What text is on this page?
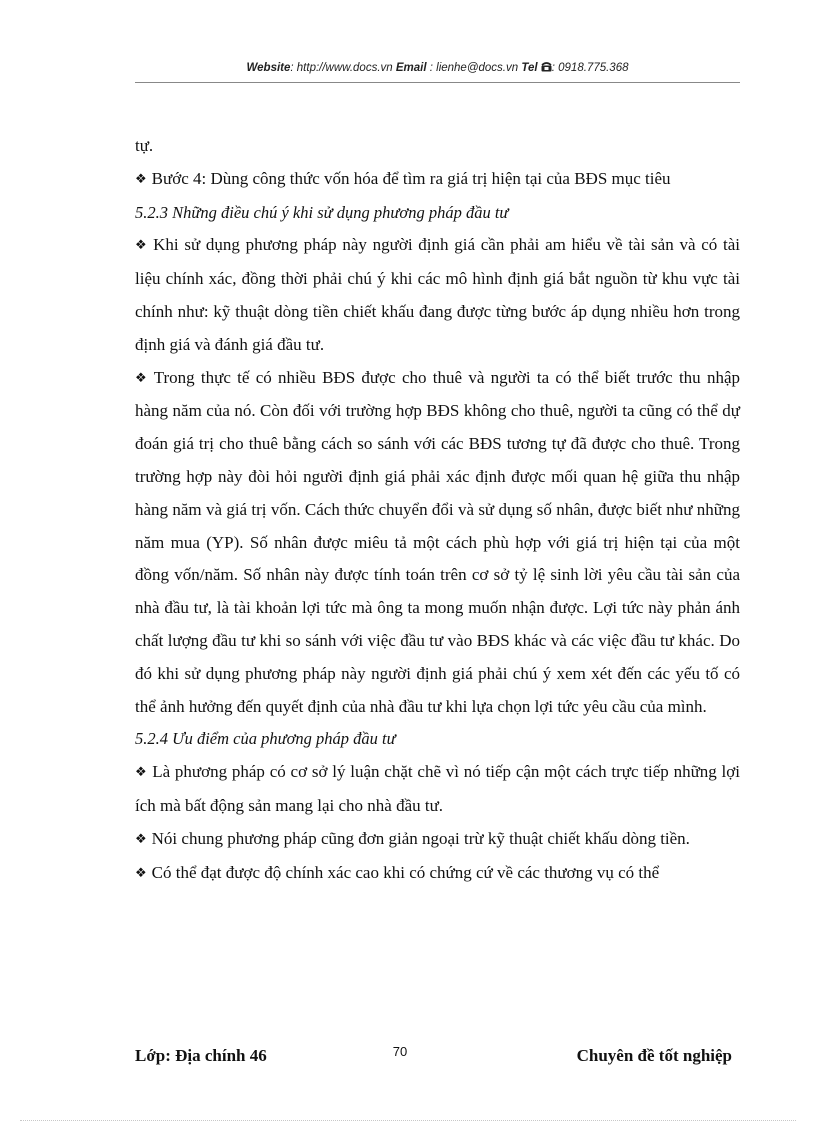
Website: http://www.docs.vn Email : lienhe@docs.vn Tel : 0918.775.368

tự.

❖ Bước 4: Dùng công thức vốn hóa để tìm ra giá trị hiện tại của BĐS mục tiêu

5.2.3 Những điều chú ý khi sử dụng phương pháp đầu tư

❖ Khi sử dụng phương pháp này người định giá cần phải am hiểu về tài sản và có tài liệu chính xác, đồng thời phải chú ý khi các mô hình định giá bắt nguồn từ khu vực tài chính như: kỹ thuật dòng tiền chiết khấu đang được từng bước áp dụng nhiều hơn trong định giá và đánh giá đầu tư.

❖ Trong thực tế có nhiều BĐS được cho thuê và người ta có thể biết trước thu nhập hàng năm của nó. Còn đối với trường hợp BĐS không cho thuê, người ta cũng có thể dự đoán giá trị cho thuê bằng cách so sánh với các BĐS tương tự đã được cho thuê. Trong trường hợp này đòi hỏi người định giá phải xác định được mối quan hệ giữa thu nhập hàng năm và giá trị vốn. Cách thức chuyển đổi và sử dụng số nhân, được biết như những năm mua (YP). Số nhân được miêu tả một cách phù hợp với giá trị hiện tại của một đồng vốn/năm. Số nhân này được tính toán trên cơ sở tỷ lệ sinh lời yêu cầu tài sản của nhà đầu tư, là tài khoản lợi tức mà ông ta mong muốn nhận được. Lợi tức này phản ánh chất lượng đầu tư khi so sánh với việc đầu tư vào BĐS khác và các việc đầu tư khác. Do đó khi sử dụng phương pháp này người định giá phải chú ý xem xét đến các yếu tố có thể ảnh hưởng đến quyết định của nhà đầu tư khi lựa chọn lợi tức yêu cầu của mình.

5.2.4 Ưu điểm của phương pháp đầu tư

❖ Là phương pháp có cơ sở lý luận chặt chẽ vì nó tiếp cận một cách trực tiếp những lợi ích mà bất động sản mang lại cho nhà đầu tư.

❖ Nói chung phương pháp cũng đơn giản ngoại trừ kỹ thuật chiết khấu dòng tiền.

❖ Có thể đạt được độ chính xác cao khi có chứng cứ về các thương vụ có thể

Lớp: Địa chính 46	70	Chuyên đề tốt nghiệp
